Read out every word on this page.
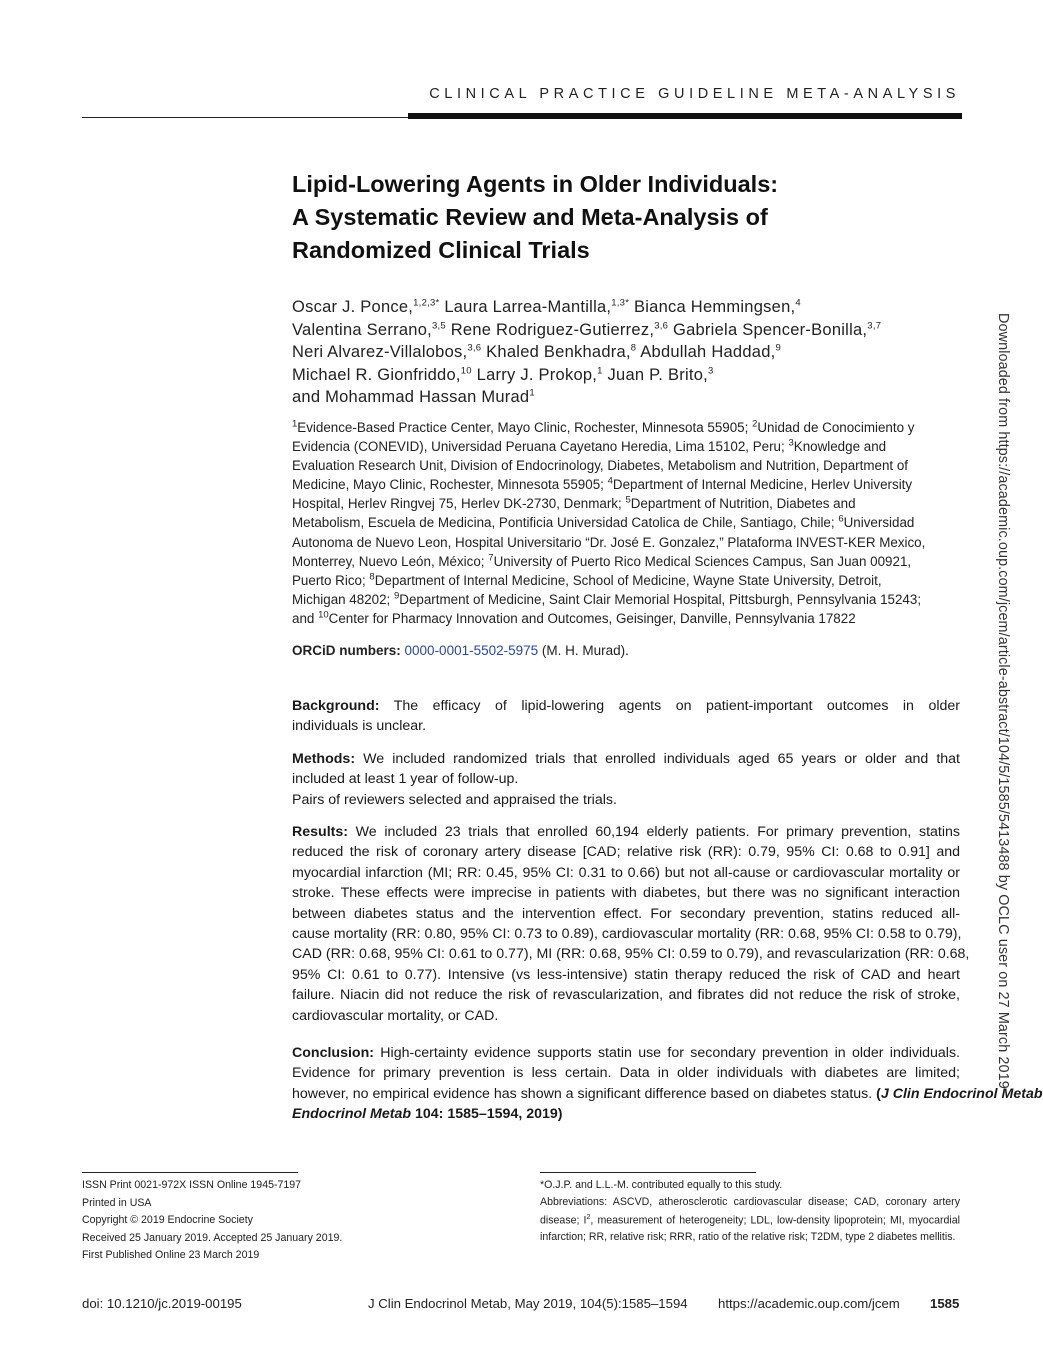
CLINICAL PRACTICE GUIDELINE META-ANALYSIS
Lipid-Lowering Agents in Older Individuals:
A Systematic Review and Meta-Analysis of
Randomized Clinical Trials
Oscar J. Ponce,$^{1,2,3*}$ Laura Larrea-Mantilla,$^{1,3*}$ Bianca Hemmingsen,$^4$
Valentina Serrano,$^{3,5}$ Rene Rodriguez-Gutierrez,$^{3,6}$ Gabriela Spencer-Bonilla,$^{3,7}$
Neri Alvarez-Villalobos,$^{3,6}$ Khaled Benkhadra,$^8$ Abdullah Haddad,$^9$
Michael R. Gionfriddo,$^{10}$ Larry J. Prokop,$^1$ Juan P. Brito,$^3$
and Mohammad Hassan Murad$^1$
$^1$Evidence-Based Practice Center, Mayo Clinic, Rochester, Minnesota 55905; $^2$Unidad de Conocimiento y
Evidencia (CONEVID), Universidad Peruana Cayetano Heredia, Lima 15102, Peru; $^3$Knowledge and
Evaluation Research Unit, Division of Endocrinology, Diabetes, Metabolism and Nutrition, Department of
Medicine, Mayo Clinic, Rochester, Minnesota 55905; $^4$Department of Internal Medicine, Herlev University
Hospital, Herlev Ringvej 75, Herlev DK-2730, Denmark; $^5$Department of Nutrition, Diabetes and
Metabolism, Escuela de Medicina, Pontificia Universidad Catolica de Chile, Santiago, Chile; $^6$Universidad
Autonoma de Nuevo Leon, Hospital Universitario “Dr. José E. Gonzalez,” Plataforma INVEST-KER Mexico,
Monterrey, Nuevo León, México; $^7$University of Puerto Rico Medical Sciences Campus, San Juan 00921,
Puerto Rico; $^8$Department of Internal Medicine, School of Medicine, Wayne State University, Detroit,
Michigan 48202; $^9$Department of Medicine, Saint Clair Memorial Hospital, Pittsburgh, Pennsylvania 15243;
and $^{10}$Center for Pharmacy Innovation and Outcomes, Geisinger, Danville, Pennsylvania 17822
ORCiD numbers: 0000-0001-5502-5975 (M. H. Murad).

Background: The efficacy of lipid-lowering agents on patient-important outcomes in older
individuals is unclear.

Methods: We included randomized trials that enrolled individuals aged 65 years or older and that
included at least 1 year of follow-up.
Pairs of reviewers selected and appraised the trials.

Results: We included 23 trials that enrolled 60,194 elderly patients. For primary prevention, statins
reduced the risk of coronary artery disease [CAD; relative risk (RR): 0.79, 95% CI: 0.68 to 0.91] and
myocardial infarction (MI; RR: 0.45, 95% CI: 0.31 to 0.66) but not all-cause or cardiovascular mortality or
stroke. These effects were imprecise in patients with diabetes, but there was no significant interaction
between diabetes status and the intervention effect. For secondary prevention, statins reduced all-
cause mortality (RR: 0.80, 95% CI: 0.73 to 0.89), cardiovascular mortality (RR: 0.68, 95% CI: 0.58 to 0.79),
CAD (RR: 0.68, 95% CI: 0.61 to 0.77), MI (RR: 0.68, 95% CI: 0.59 to 0.79), and revascularization (RR: 0.68,
95% CI: 0.61 to 0.77). Intensive (vs less-intensive) statin therapy reduced the risk of CAD and heart
failure. Niacin did not reduce the risk of revascularization, and fibrates did not reduce the risk of stroke,
cardiovascular mortality, or CAD.

Conclusion: High-certainty evidence supports statin use for secondary prevention in older individuals.
Evidence for primary prevention is less certain. Data in older individuals with diabetes are limited;
however, no empirical evidence has shown a significant difference based on diabetes status. (J Clin Endocrinol Metab
Endocrinol Metab 104: 1585–1594, 2019)

ISSN Print 0021-972X ISSN Online 1945-7197
Printed in USA
Copyright © 2019 Endocrine Society
Received 25 January 2019. Accepted 25 January 2019.
First Published Online 23 March 2019
*O.J.P. and L.L.-M. contributed equally to this study.
Abbreviations: ASCVD, atherosclerotic cardiovascular disease; CAD, coronary artery
disease; $I^2$, measurement of heterogeneity; LDL, low-density lipoprotein; MI, myocardial
infarction; RR, relative risk; RRR, ratio of the relative risk; T2DM, type 2 diabetes mellitis.
doi: 10.1210/jc.2019-00195	J Clin Endocrinol Metab, May 2019, 104(5):1585–1594 https://academic.oup.com/jcem 1585
Downloaded from https://academic.oup.com/jcem/article-abstract/104/5/1585/5413488 by OCLC user on 27 March 2019
